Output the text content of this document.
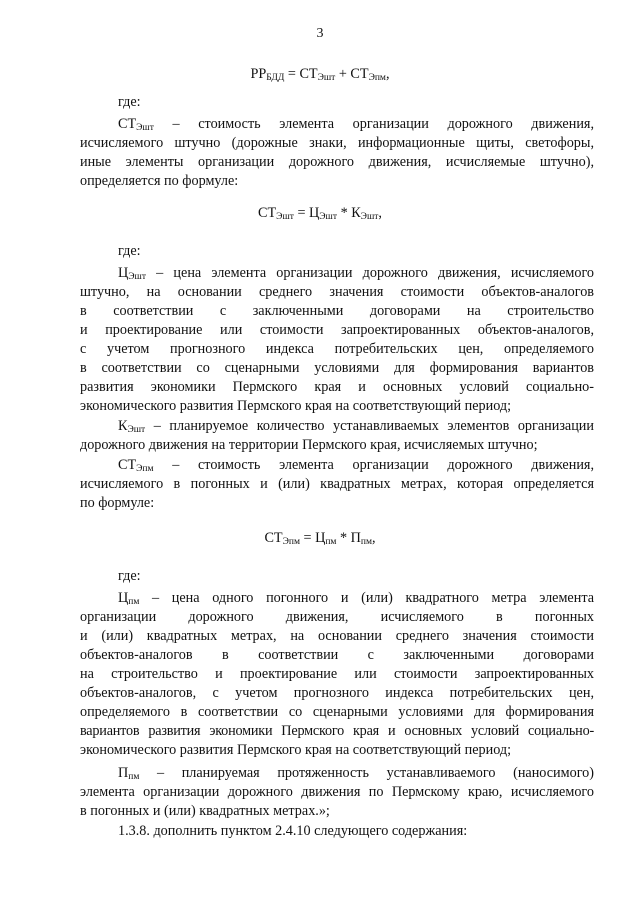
3
$РР_{БДД} = СТ_{Эшт} + СТ_{Эпм}$,
где:
$СТ_{Эшт}$ – стоимость элемента организации дорожного движения,
исчисляемого штучно (дорожные знаки, информационные щиты, светофоры,
иные элементы организации дорожного движения, исчисляемые штучно),
определяется по формуле:
$СТ_{Эшт} = Ц_{Эшт} * К_{Эшт}$,
где:
$Ц_{Эшт}$ – цена элемента организации дорожного движения, исчисляемого
штучно, на основании среднего значения стоимости объектов-аналогов
в соответствии с заключенными договорами на строительство
и проектирование или стоимости запроектированных объектов-аналогов,
с учетом прогнозного индекса потребительских цен, определяемого
в соответствии со сценарными условиями для формирования вариантов
развития экономики Пермского края и основных условий социально-
экономического развития Пермского края на соответствующий период;
$К_{Эшт}$ – планируемое количество устанавливаемых элементов организации
дорожного движения на территории Пермского края, исчисляемых штучно;
$СТ_{Эпм}$ – стоимость элемента организации дорожного движения,
исчисляемого в погонных и (или) квадратных метрах, которая определяется
по формуле:
$СТ_{Эпм} = Ц_{пм} * П_{пм}$,
где:
$Ц_{пм}$ – цена одного погонного и (или) квадратного метра элемента
организации дорожного движения, исчисляемого в погонных
и (или) квадратных метрах, на основании среднего значения стоимости
объектов-аналогов в соответствии с заключенными договорами
на строительство и проектирование или стоимости запроектированных
объектов-аналогов, с учетом прогнозного индекса потребительских цен,
определяемого в соответствии со сценарными условиями для формирования
вариантов развития экономики Пермского края и основных условий социально-
экономического развития Пермского края на соответствующий период;
$П_{пм}$ – планируемая протяженность устанавливаемого (наносимого)
элемента организации дорожного движения по Пермскому краю, исчисляемого
в погонных и (или) квадратных метрах.»;
1.3.8. дополнить пунктом 2.4.10 следующего содержания:
